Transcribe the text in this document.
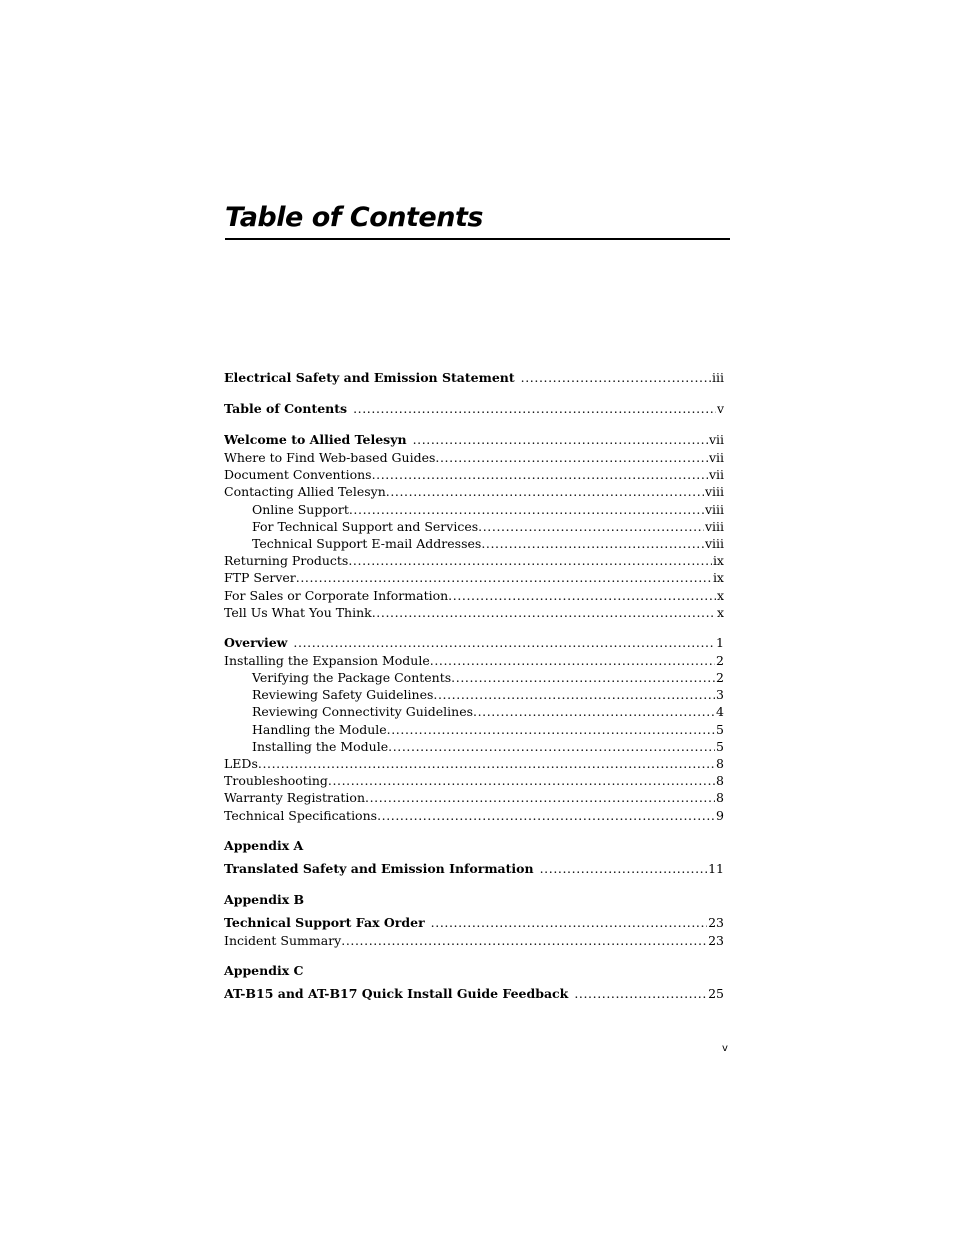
Table of Contents
Electrical Safety and Emission Statement .....	iii
Table of Contents .....	v
Welcome to Allied Telesyn .....	vii
Where to Find Web-based Guides .....	vii
Document Conventions .....	vii
Contacting Allied Telesyn .....	viii
Online Support .....	viii
For Technical Support and Services .....	viii
Technical Support E-mail Addresses .....	viii
Returning Products .....	ix
FTP Server .....	ix
For Sales or Corporate Information .....	x
Tell Us What You Think .....	x
Overview .....	1
Installing the Expansion Module .....	2
Verifying the Package Contents .....	2
Reviewing Safety Guidelines .....	3
Reviewing Connectivity Guidelines .....	4
Handling the Module .....	5
Installing the Module .....	5
LEDs .....	8
Troubleshooting .....	8
Warranty Registration .....	8
Technical Specifications .....	9
Appendix A
Translated Safety and Emission Information .....	11
Appendix B
Technical Support Fax Order .....	23
Incident Summary .....	23
Appendix C
AT-B15 and AT-B17 Quick Install Guide Feedback .....	25
v
